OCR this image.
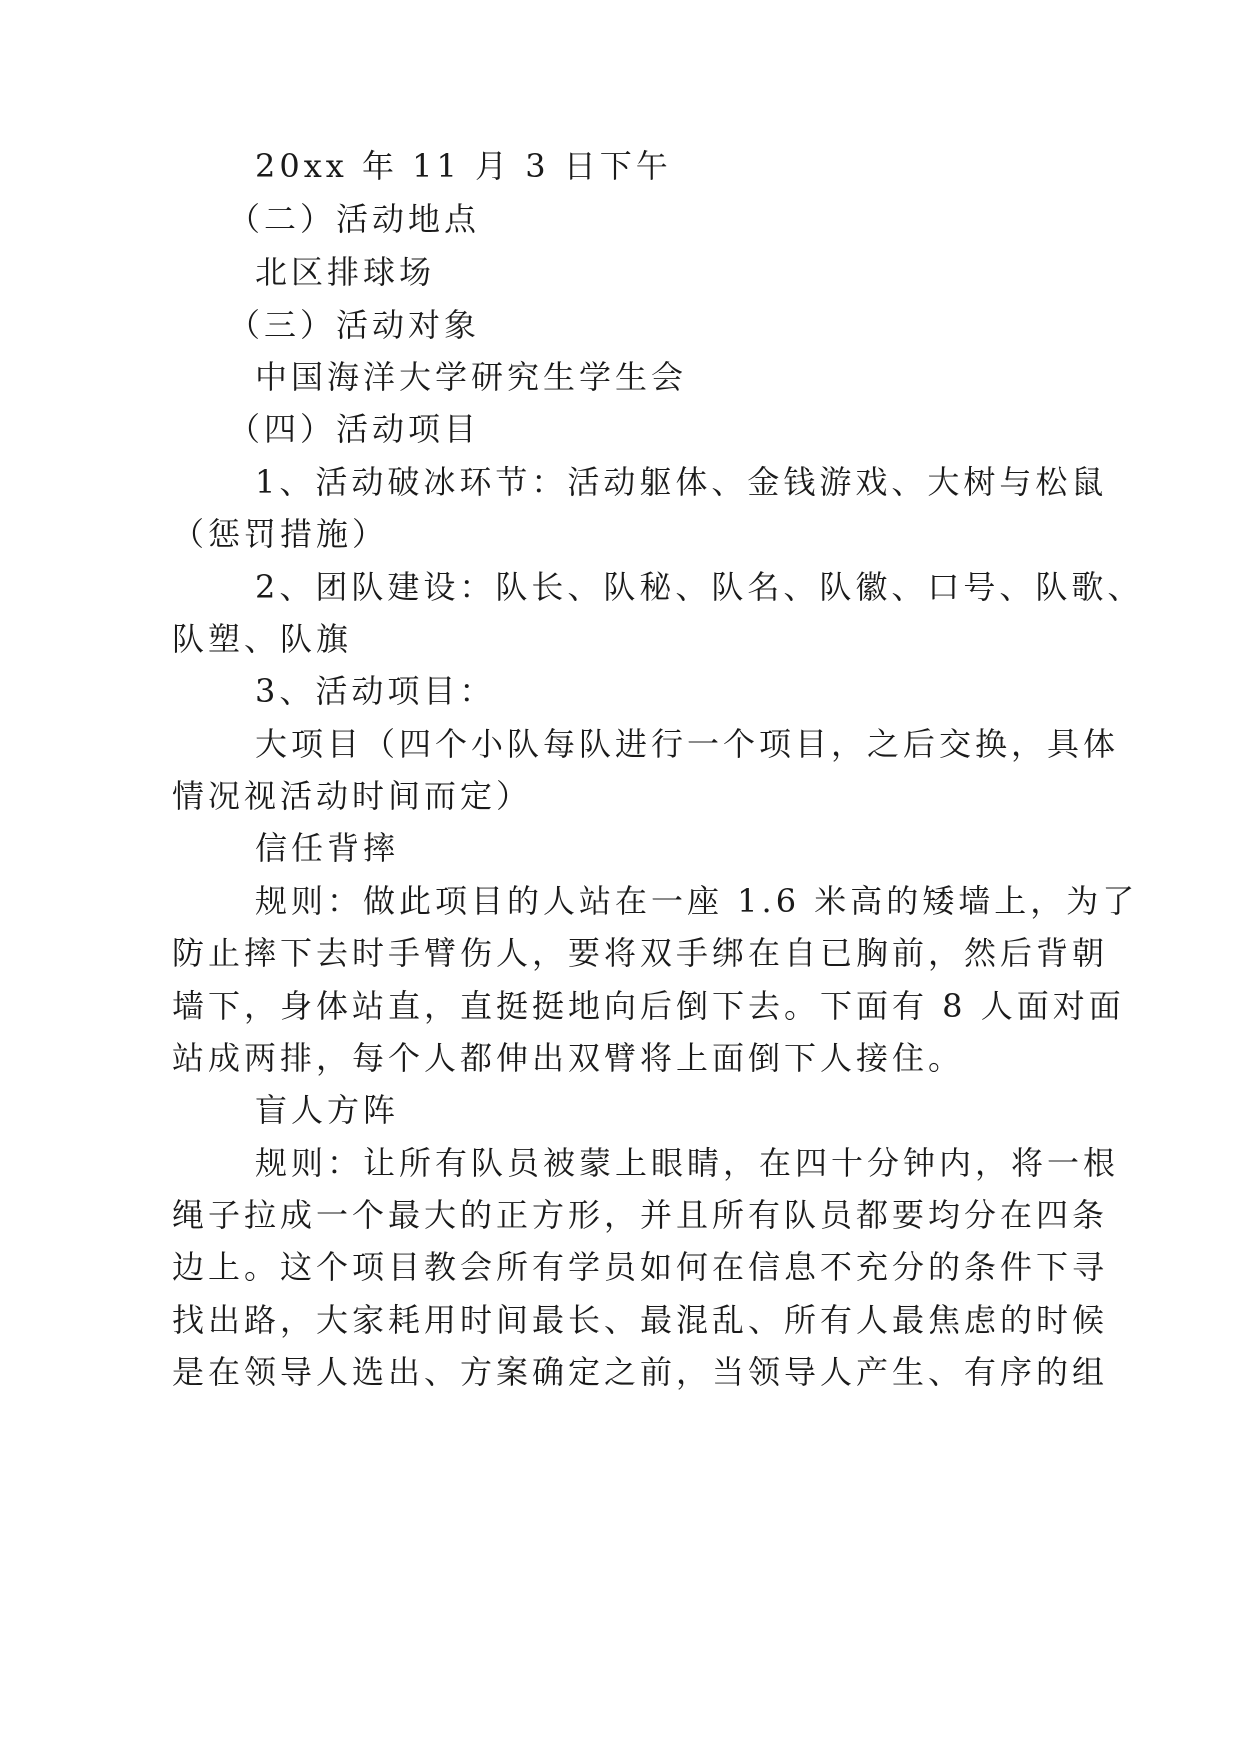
20xx 年 11 月 3 日下午
（二）活动地点
北区排球场
（三）活动对象
中国海洋大学研究生学生会
（四）活动项目
1、活动破冰环节：活动躯体、金钱游戏、大树与松鼠
（惩罚措施）
2、团队建设：队长、队秘、队名、队徽、口号、队歌、
队塑、队旗
3、活动项目：
大项目（四个小队每队进行一个项目，之后交换，具体
情况视活动时间而定）
信任背摔
规则：做此项目的人站在一座 1.6 米高的矮墙上，为了
防止摔下去时手臂伤人，要将双手绑在自已胸前，然后背朝
墙下，身体站直，直挺挺地向后倒下去。下面有 8 人面对面
站成两排，每个人都伸出双臂将上面倒下人接住。
盲人方阵
规则：让所有队员被蒙上眼睛，在四十分钟内，将一根
绳子拉成一个最大的正方形，并且所有队员都要均分在四条
边上。这个项目教会所有学员如何在信息不充分的条件下寻
找出路，大家耗用时间最长、最混乱、所有人最焦虑的时候
是在领导人选出、方案确定之前，当领导人产生、有序的组
